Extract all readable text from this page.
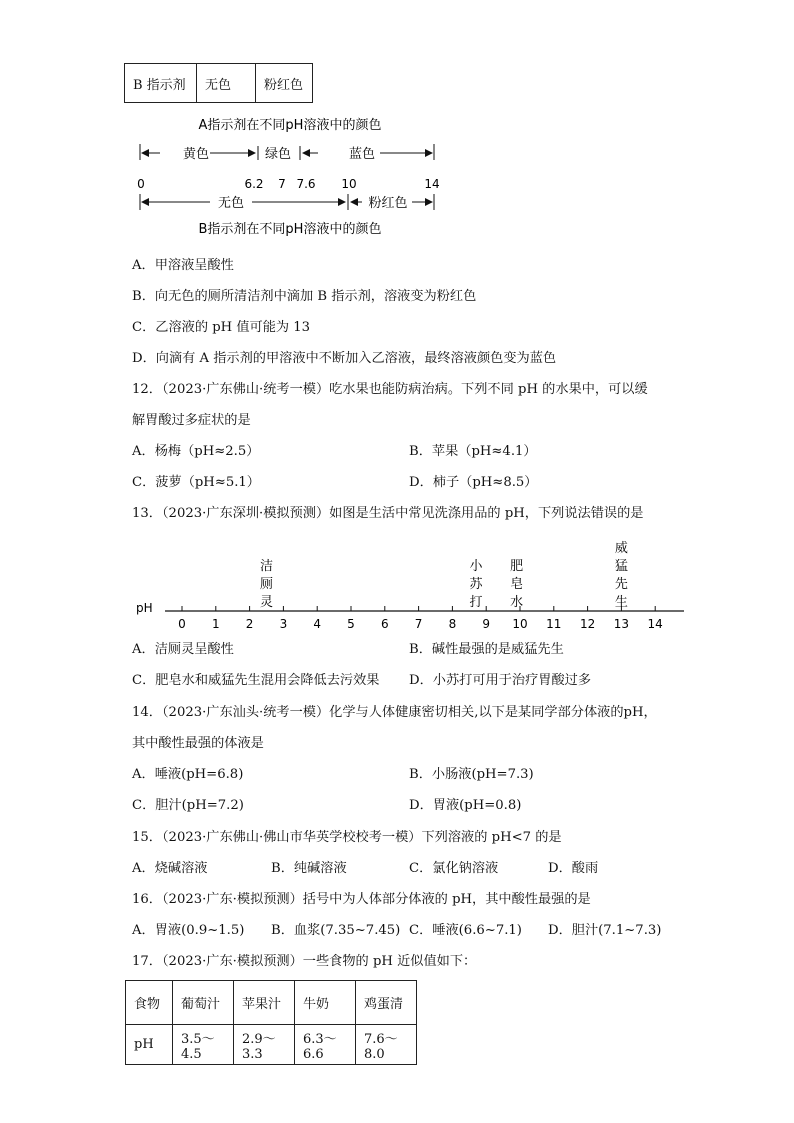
B 指示剂	无色	粉红色
A指示剂在不同pH溶液中的颜色
黄色	绿色	蓝色
0	6.2 7 7.6 10	14
无色	粉红色
B指示剂在不同pH溶液中的颜色
A．甲溶液呈酸性
B．向无色的厕所清洁剂中滴加 B 指示剂，溶液变为粉红色
C．乙溶液的 pH 值可能为 13
D．向滴有 A 指示剂的甲溶液中不断加入乙溶液，最终溶液颜色变为蓝色
12．（2023·广东佛山·统考一模）吃水果也能防病治病。下列不同 pH 的水果中，可以缓
解胃酸过多症状的是
A．杨梅（pH≈2.5）	B．苹果（pH≈4.1）
C．菠萝（pH≈5.1）	D．柿子（pH≈8.5）
13．（2023·广东深圳·模拟预测）如图是生活中常见洗涤用品的 pH，下列说法错误的是
pH
0 1 2 3 4 5 6 7 8 9 10 11 12 13 14
洁厕灵
小苏打
肥皂水
威猛先生
A．洁厕灵呈酸性	B．碱性最强的是威猛先生
C．肥皂水和威猛先生混用会降低去污效果 D．小苏打可用于治疗胃酸过多
14．（2023·广东汕头·统考一模）化学与人体健康密切相关,以下是某同学部分体液的pH，
其中酸性最强的体液是
A．唾液(pH=6.8)	B．小肠液(pH=7.3)
C．胆汁(pH=7.2)	D．胃液(pH=0.8)
15．（2023·广东佛山·佛山市华英学校校考一模）下列溶液的 pH<7 的是
A．烧碱溶液	B．纯碱溶液	C．氯化钠溶液	D．酸雨
16．（2023·广东·模拟预测）括号中为人体部分体液的 pH，其中酸性最强的是
A．胃液(0.9~1.5) B．血浆(7.35~7.45) C．唾液(6.6~7.1) D．胆汁(7.1~7.3)
17．（2023·广东·模拟预测）一些食物的 pH 近似值如下：
食物	葡萄汁	苹果汁	牛奶	鸡蛋清
pH	3.5～4.5	2.9～3.3	6.3～6.6	7.6～8.0
